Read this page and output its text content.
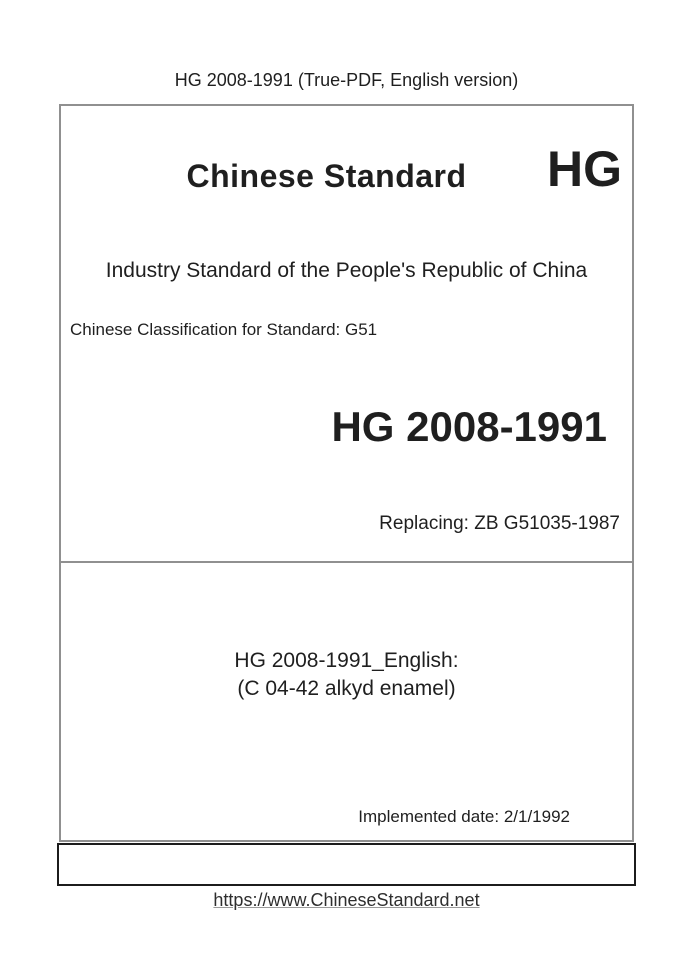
HG 2008-1991 (True-PDF, English version)
Chinese Standard	HG
Industry Standard of the People's Republic of China
Chinese Classification for Standard: G51
HG 2008-1991
Replacing: ZB G51035-1987
HG 2008-1991_English:
(C 04-42 alkyd enamel)
Implemented date: 2/1/1992
https://www.ChineseStandard.net
